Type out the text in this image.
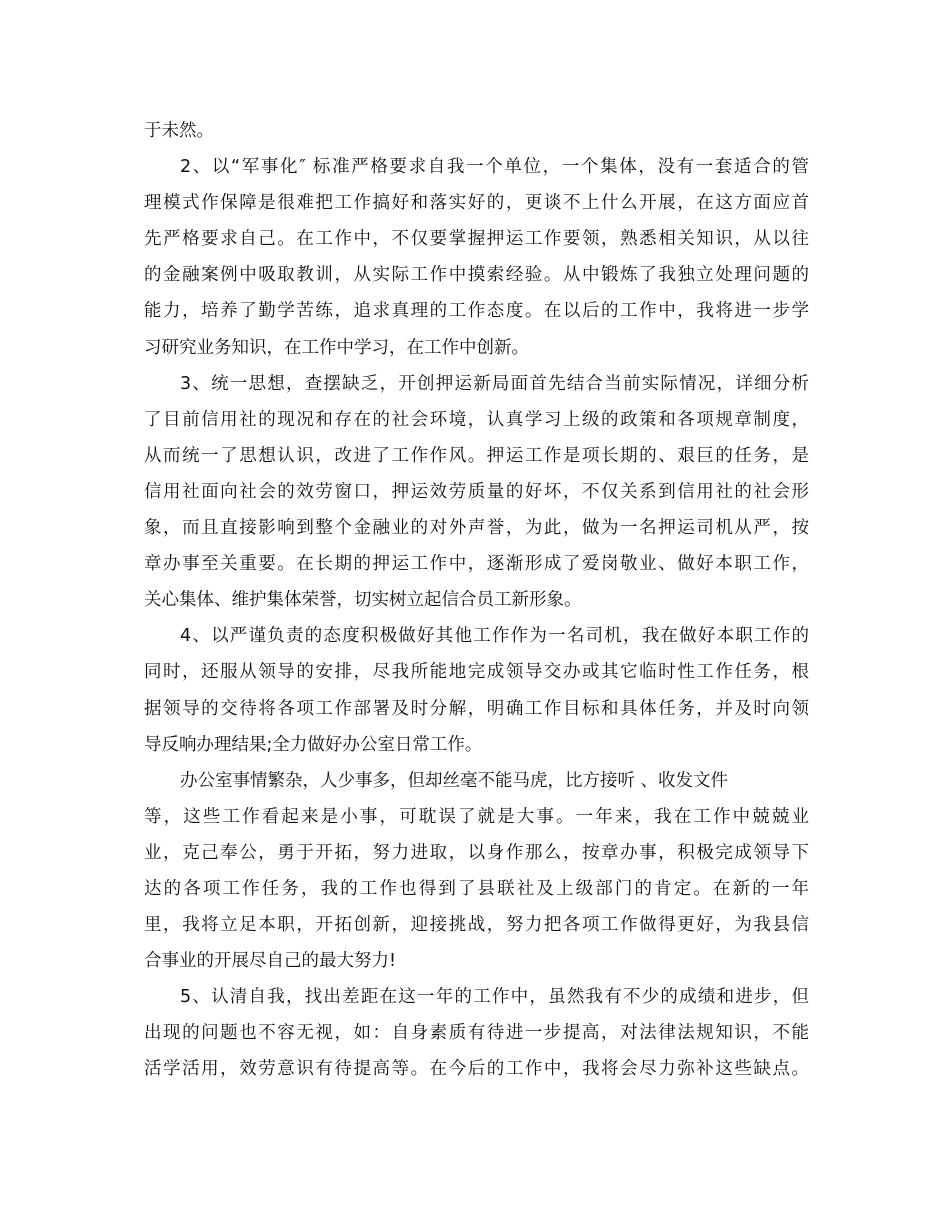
于未然。
2、以“军事化″ 标准严格要求自我一个单位，一个集体，没有一套适合的管
理模式作保障是很难把工作搞好和落实好的，更谈不上什么开展，在这方面应首
先严格要求自己。在工作中，不仅要掌握押运工作要领，熟悉相关知识，从以往
的金融案例中吸取教训，从实际工作中摸索经验。从中锻炼了我独立处理问题的
能力，培养了勤学苦练，追求真理的工作态度。在以后的工作中，我将进一步学
习研究业务知识，在工作中学习，在工作中创新。
3、统一思想，查摆缺乏，开创押运新局面首先结合当前实际情况，详细分析
了目前信用社的现况和存在的社会环境，认真学习上级的政策和各项规章制度，
从而统一了思想认识，改进了工作作风。押运工作是项长期的、艰巨的任务，是
信用社面向社会的效劳窗口，押运效劳质量的好坏，不仅关系到信用社的社会形
象，而且直接影响到整个金融业的对外声誉，为此，做为一名押运司机从严，按
章办事至关重要。在长期的押运工作中，逐渐形成了爱岗敬业、做好本职工作，
关心集体、维护集体荣誉，切实树立起信合员工新形象。
4、以严谨负责的态度积极做好其他工作作为一名司机，我在做好本职工作的
同时，还服从领导的安排，尽我所能地完成领导交办或其它临时性工作任务，根
据领导的交待将各项工作部署及时分解，明确工作目标和具体任务，并及时向领
导反响办理结果;全力做好办公室日常工作。
办公室事情繁杂，人少事多，但却丝毫不能马虎，比方接听 、收发文件
等，这些工作看起来是小事，可耽误了就是大事。一年来，我在工作中兢兢业
业，克己奉公，勇于开拓，努力进取，以身作那么，按章办事，积极完成领导下
达的各项工作任务，我的工作也得到了县联社及上级部门的肯定。在新的一年
里，我将立足本职，开拓创新，迎接挑战，努力把各项工作做得更好，为我县信
合事业的开展尽自己的最大努力!
5、认清自我，找出差距在这一年的工作中，虽然我有不少的成绩和进步，但
出现的问题也不容无视，如：自身素质有待进一步提高，对法律法规知识，不能
活学活用，效劳意识有待提高等。在今后的工作中，我将会尽力弥补这些缺点。
